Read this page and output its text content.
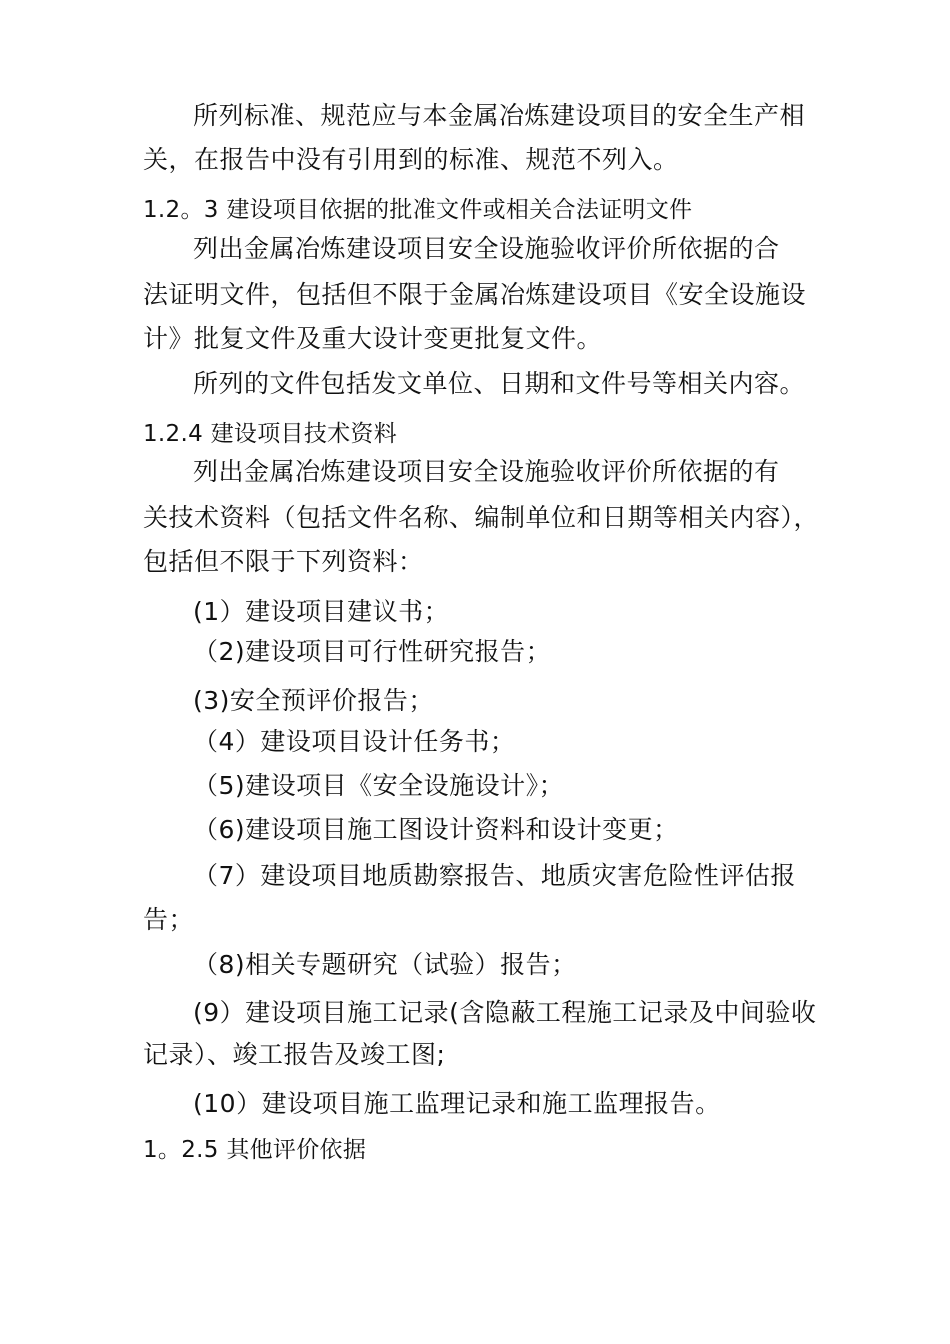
所列标准、规范应与本金属冶炼建设项目的安全生产相
关，在报告中没有引用到的标准、规范不列入。
1.2。3 建设项目依据的批准文件或相关合法证明文件
列出金属冶炼建设项目安全设施验收评价所依据的合
法证明文件，包括但不限于金属冶炼建设项目《安全设施设
计》批复文件及重大设计变更批复文件。
所列的文件包括发文单位、日期和文件号等相关内容。
1.2.4 建设项目技术资料
列出金属冶炼建设项目安全设施验收评价所依据的有
关技术资料（包括文件名称、编制单位和日期等相关内容），
包括但不限于下列资料：
(1）建设项目建议书；
（2)建设项目可行性研究报告；
(3)安全预评价报告；
（4）建设项目设计任务书；
（5)建设项目《安全设施设计》；
（6)建设项目施工图设计资料和设计变更；
（7）建设项目地质勘察报告、地质灾害危险性评估报
告；
（8)相关专题研究（试验）报告；
(9）建设项目施工记录(含隐蔽工程施工记录及中间验收
记录）、竣工报告及竣工图;
(10）建设项目施工监理记录和施工监理报告。
1。2.5 其他评价依据
